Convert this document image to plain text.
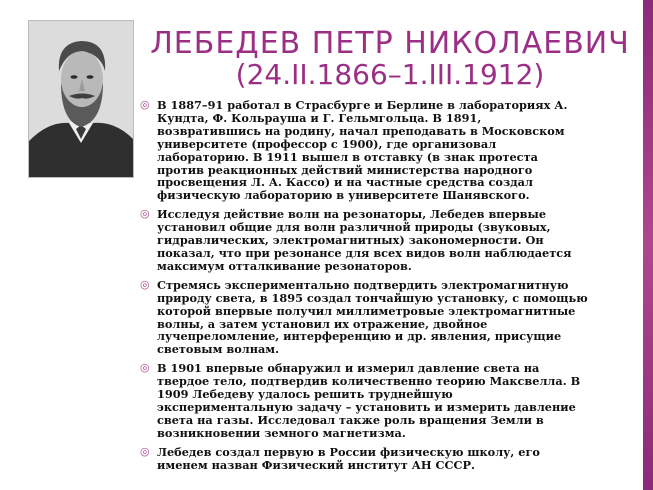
ЛЕБЕДЕВ ПЕТР НИКОЛАЕВИЧ
(24.II.1866–1.III.1912)
◎ В 1887–91 работал в Страсбурге и Берлине в лабораториях А. Кундта, Ф. Кольрауша и Г. Гельмгольца. В 1891, возвратившись на родину, начал преподавать в Московском университете (профессор с 1900), где организовал лабораторию. В 1911 вышел в отставку (в знак протеста против реакционных действий министерства народного просвещения Л. А. Кассо) и на частные средства создал физическую лабораторию в университете Шанявского.
◎ Исследуя действие волн на резонаторы, Лебедев впервые установил общие для волн различной природы (звуковых, гидравлических, электромагнитных) закономерности. Он показал, что при резонансе для всех видов волн наблюдается максимум отталкивание резонаторов.
◎ Стремясь экспериментально подтвердить электромагнитную природу света, в 1895 создал тончайшую установку, с помощью которой впервые получил миллиметровые электромагнитные волны, а затем установил их отражение, двойное лучепреломление, интерференцию и др. явления, присущие световым волнам.
◎ В 1901 впервые обнаружил и измерил давление света на твердое тело, подтвердив количественно теорию Максвелла. В 1909 Лебедеву удалось решить труднейшую экспериментальную задачу – установить и измерить давление света на газы. Исследовал также роль вращения Земли в возникновении земного магнетизма.
◎ Лебедев создал первую в России физическую школу, его именем назван Физический институт АН СССР.
